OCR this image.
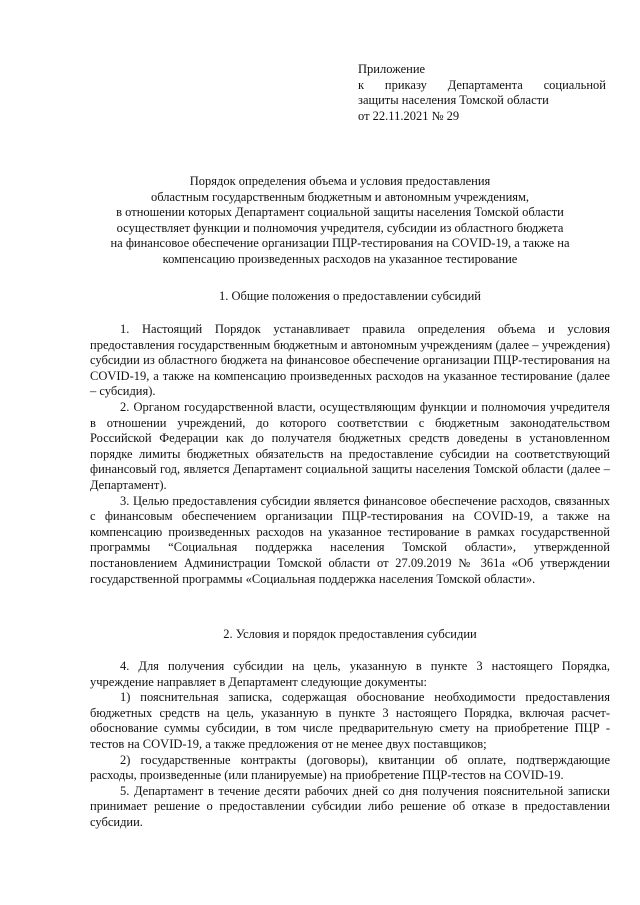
Приложение
к приказу Департамента социальной
защиты населения Томской области
от 22.11.2021 № 29
Порядок определения объема и условия предоставления
областным государственным бюджетным и автономным учреждениям,
в отношении которых Департамент социальной защиты населения Томской области
осуществляет функции и полномочия учредителя, субсидии из областного бюджета
на финансовое обеспечение организации ПЦР-тестирования на COVID-19, а также на
компенсацию произведенных расходов на указанное тестирование
1. Общие положения о предоставлении субсидий

1. Настоящий Порядок устанавливает правила определения объема и условия предоставления государственным бюджетным и автономным учреждениям (далее – учреждения) субсидии из областного бюджета на финансовое обеспечение организации ПЦР-тестирования на COVID-19, а также на компенсацию произведенных расходов на указанное тестирование (далее – субсидия).

2. Органом государственной власти, осуществляющим функции и полномочия учредителя в отношении учреждений, до которого соответствии с бюджетным законодательством Российской Федерации как до получателя бюджетных средств доведены в установленном порядке лимиты бюджетных обязательств на предоставление субсидии на соответствующий финансовый год, является Департамент социальной защиты населения Томской области (далее – Департамент).

3. Целью предоставления субсидии является финансовое обеспечение расходов, связанных с финансовым обеспечением организации ПЦР-тестирования на COVID-19, а также на компенсацию произведенных расходов на указанное тестирование в рамках государственной программы “Социальная поддержка населения Томской области», утвержденной постановлением Администрации Томской области от 27.09.2019 № 361а «Об утверждении государственной программы «Социальная поддержка населения Томской области».

2. Условия и порядок предоставления субсидии

4. Для получения субсидии на цель, указанную в пункте 3 настоящего Порядка, учреждение направляет в Департамент следующие документы:

1) пояснительная записка, содержащая обоснование необходимости предоставления бюджетных средств на цель, указанную в пункте 3 настоящего Порядка, включая расчет-обоснование суммы субсидии, в том числе предварительную смету на приобретение ПЦР - тестов на COVID-19, а также предложения от не менее двух поставщиков;

2) государственные контракты (договоры), квитанции об оплате, подтверждающие расходы, произведенные (или планируемые) на приобретение ПЦР-тестов на COVID-19.

5. Департамент в течение десяти рабочих дней со дня получения пояснительной записки принимает решение о предоставлении субсидии либо решение об отказе в предоставлении субсидии.
